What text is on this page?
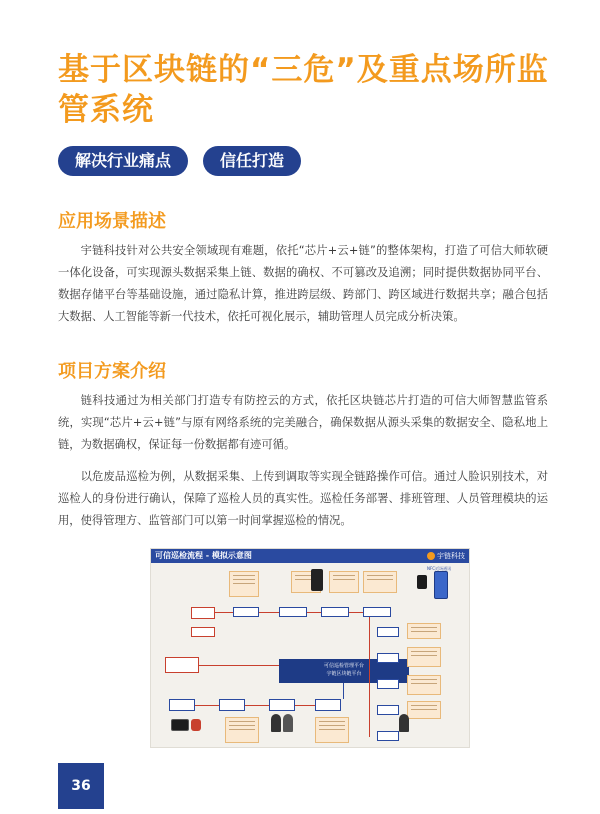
基于区块链的“三危”及重点场所监管系统
解决行业痛点	信任打造
应用场景描述

宇链科技针对公共安全领域现有难题，依托“芯片+云+链”的整体架构，打造了可信大师软硬一体化设备，可实现源头数据采集上链、数据的确权、不可篡改及追溯；同时提供数据协同平台、数据存储平台等基础设施，通过隐私计算，推进跨层级、跨部门、跨区域进行数据共享；融合包括大数据、人工智能等新一代技术，依托可视化展示，辅助管理人员完成分析决策。

项目方案介绍

链科技通过为相关部门打造专有防控云的方式，依托区块链芯片打造的可信大师智慧监管系统，实现“芯片+云+链”与原有网络系统的完美融合，确保数据从源头采集的数据安全、隐私地上链，为数据确权，保证每一份数据都有迹可循。

以危废品巡检为例，从数据采集、上传到调取等实现全链路操作可信。通过人脸识别技术，对巡检人的身份进行确认，保障了巡检人员的真实性。巡检任务部署、排班管理、人员管理模块的运用，使得管理方、监管部门可以第一时间掌握巡检的情况。

可信巡检流程 - 模拟示意图	宇链科技
NFC近场通讯
可信巡检管理平台
宇链区块链平台
36
